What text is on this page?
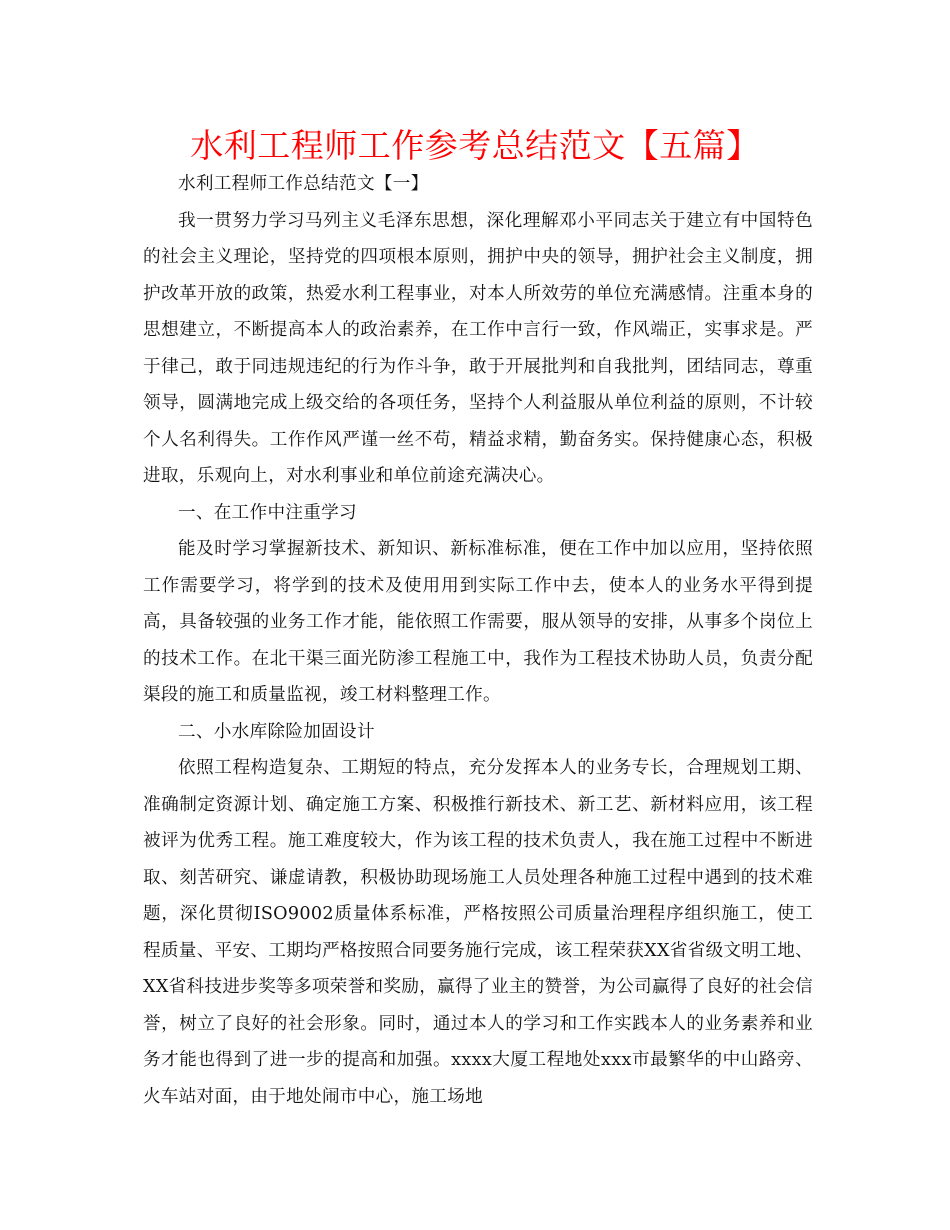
水利工程师工作参考总结范文【五篇】

水利工程师工作总结范文【一】

我一贯努力学习马列主义毛泽东思想，深化理解邓小平同志关于建立有中国特色的社会主义理论，坚持党的四项根本原则，拥护中央的领导，拥护社会主义制度，拥护改革开放的政策，热爱水利工程事业，对本人所效劳的单位充满感情。注重本身的思想建立，不断提高本人的政治素养，在工作中言行一致，作风端正，实事求是。严于律己，敢于同违规违纪的行为作斗争，敢于开展批判和自我批判，团结同志，尊重领导，圆满地完成上级交给的各项任务，坚持个人利益服从单位利益的原则，不计较个人名利得失。工作作风严谨一丝不苟，精益求精，勤奋务实。保持健康心态，积极进取，乐观向上，对水利事业和单位前途充满决心。

一、在工作中注重学习

能及时学习掌握新技术、新知识、新标准标准，便在工作中加以应用，坚持依照工作需要学习，将学到的技术及使用用到实际工作中去，使本人的业务水平得到提高，具备较强的业务工作才能，能依照工作需要，服从领导的安排，从事多个岗位上的技术工作。在北干渠三面光防渗工程施工中，我作为工程技术协助人员，负责分配渠段的施工和质量监视，竣工材料整理工作。

二、小水库除险加固设计

依照工程构造复杂、工期短的特点，充分发挥本人的业务专长，合理规划工期、准确制定资源计划、确定施工方案、积极推行新技术、新工艺、新材料应用，该工程被评为优秀工程。施工难度较大，作为该工程的技术负责人，我在施工过程中不断进取、刻苦研究、谦虚请教，积极协助现场施工人员处理各种施工过程中遇到的技术难题，深化贯彻ISO9002质量体系标准，严格按照公司质量治理程序组织施工，使工程质量、平安、工期均严格按照合同要务施行完成，该工程荣获XX省省级文明工地、XX省科技进步奖等多项荣誉和奖励，赢得了业主的赞誉，为公司赢得了良好的社会信誉，树立了良好的社会形象。同时，通过本人的学习和工作实践本人的业务素养和业务才能也得到了进一步的提高和加强。xxxx大厦工程地处xxx市最繁华的中山路旁、火车站对面，由于地处闹市中心，施工场地
